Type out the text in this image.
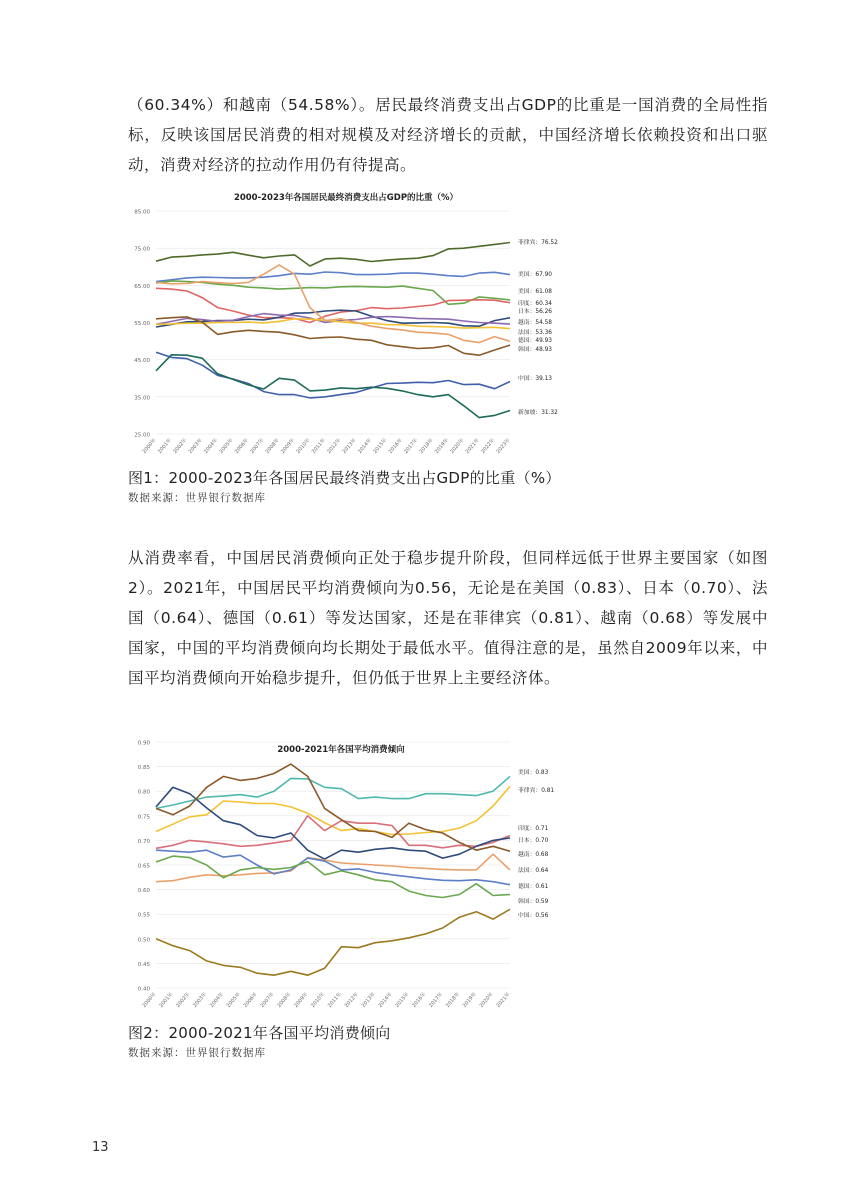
（60.34%）和越南（54.58%）。居民最终消费支出占GDP的比重是一国消费的全局性指标，反映该国居民消费的相对规模及对经济增长的贡献，中国经济增长依赖投资和出口驱动，消费对经济的拉动作用仍有待提高。

2000-2023年各国居民最终消费支出占GDP的比重（%）
25.00
35.00
45.00
55.00
65.00
75.00
85.00
2000年 2001年 2002年 2003年 2004年 2005年 2006年 2007年 2008年 2009年 2010年 2011年 2012年 2013年 2014年 2015年 2016年 2017年 2018年 2019年 2020年 2021年 2022年 2023年
菲律宾：76.52
美国：67.90
美国：61.08
印度：60.34
日本：56.26
越南：54.58
法国：53.36
德国：49.93
韩国：48.93
中国：39.13
新加坡：31.32

图1：2000-2023年各国居民最终消费支出占GDP的比重（%）

数据来源：世界银行数据库

从消费率看，中国居民消费倾向正处于稳步提升阶段，但同样远低于世界主要国家（如图2）。2021年，中国居民平均消费倾向为0.56，无论是在美国（0.83）、日本（0.70）、法国（0.64）、德国（0.61）等发达国家，还是在菲律宾（0.81）、越南（0.68）等发展中国家，中国的平均消费倾向均长期处于最低水平。值得注意的是，虽然自2009年以来，中国平均消费倾向开始稳步提升，但仍低于世界上主要经济体。

2000-2021年各国平均消费倾向
0.40
0.45
0.50
0.55
0.60
0.65
0.70
0.75
0.80
0.85
0.90
2000年 2001年 2002年 2003年 2004年 2005年 2006年 2007年 2008年 2009年 2010年 2011年 2012年 2013年 2014年 2015年 2016年 2017年 2018年 2019年 2020年 2021年
美国：0.83
菲律宾：0.81
印度：0.71
日本：0.70
越南：0.68
法国：0.64
德国：0.61
韩国：0.59
中国：0.56

图2：2000-2021年各国平均消费倾向

数据来源：世界银行数据库

13
